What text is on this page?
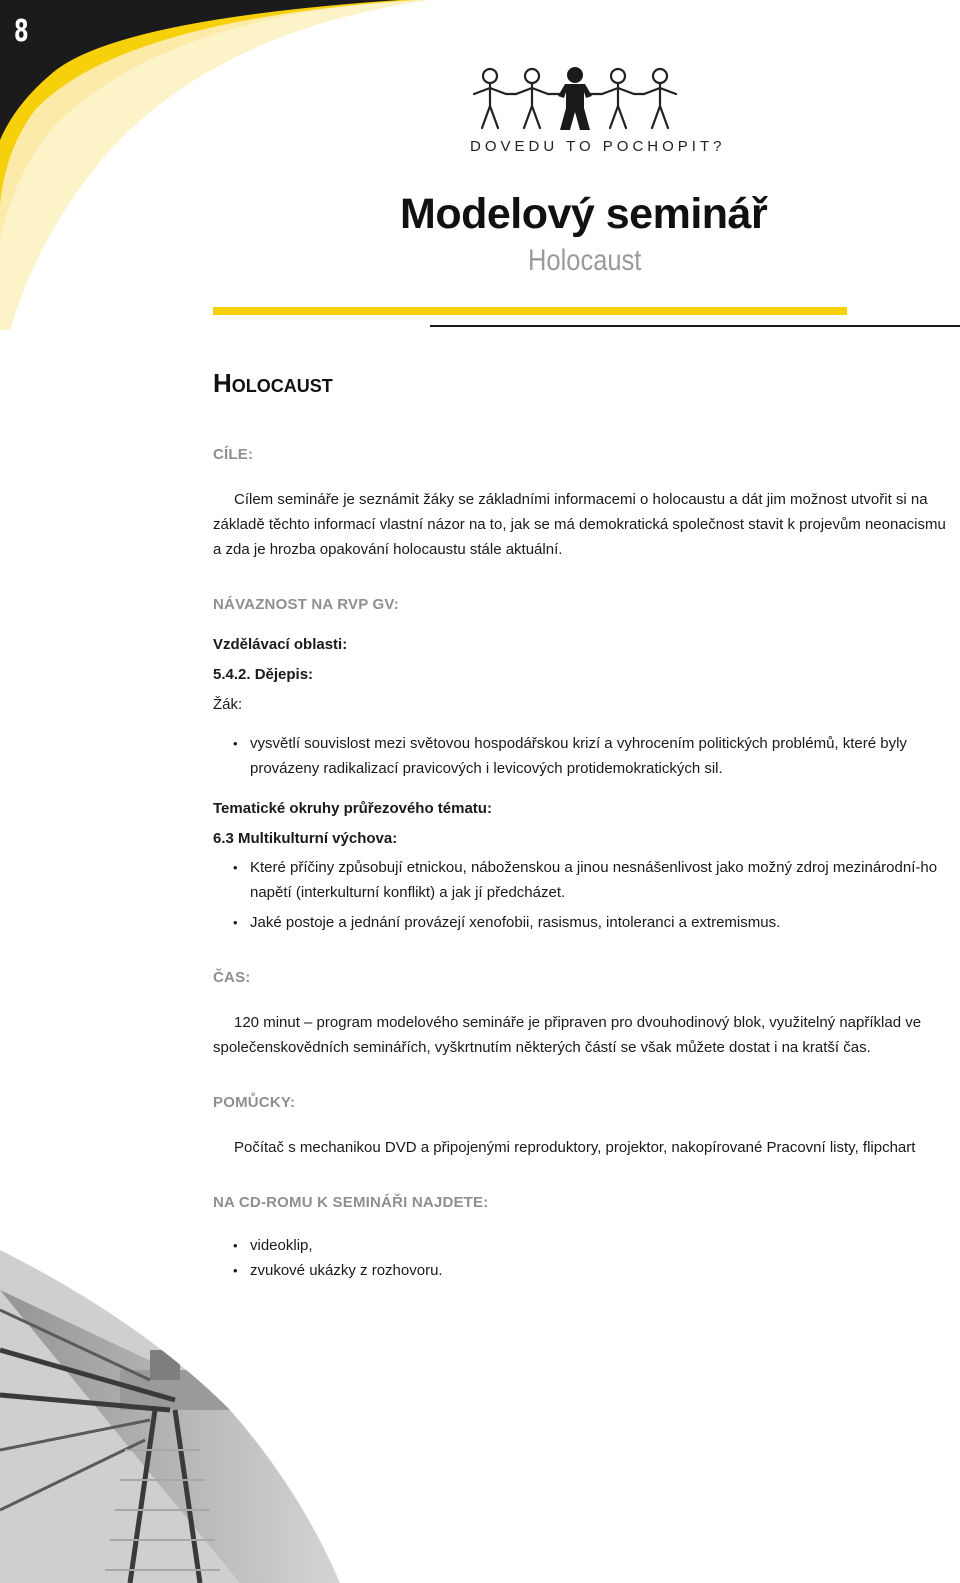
8
DOVEDU TO POCHOPIT?
Modelový seminář
Holocaust
Holocaust

CÍLE:

Cílem semináře je seznámit žáky se základními informacemi o holocaustu a dát jim možnost utvořit si na základě těchto informací vlastní názor na to, jak se má demokratická společnost stavit k projevům neonacismu a zda je hrozba opakování holocaustu stále aktuální.

NÁVAZNOST NA RVP GV:

Vzdělávací oblasti:

5.4.2. Dějepis:

Žák:

• vysvětlí souvislost mezi světovou hospodářskou krizí a vyhrocením politických problémů, které byly provázeny radikalizací pravicových i levicových protidemokratických sil.

Tematické okruhy průřezového tématu:

6.3 Multikulturní výchova:

• Které příčiny způsobují etnickou, náboženskou a jinou nesnášenlivost jako možný zdroj mezinárodní-ho napětí (interkulturní konflikt) a jak jí předcházet.
• Jaké postoje a jednání provázejí xenofobii, rasismus, intoleranci a extremismus.

ČAS:

120 minut – program modelového semináře je připraven pro dvouhodinový blok, využitelný například ve společenskovědních seminářích, vyškrtnutím některých částí se však můžete dostat i na kratší čas.

POMŮCKY:

Počítač s mechanikou DVD a připojenými reproduktory, projektor, nakopírované Pracovní listy, flipchart

NA CD-ROMU K SEMINÁŘI NAJDETE:

• videoklip,
• zvukové ukázky z rozhovoru.
